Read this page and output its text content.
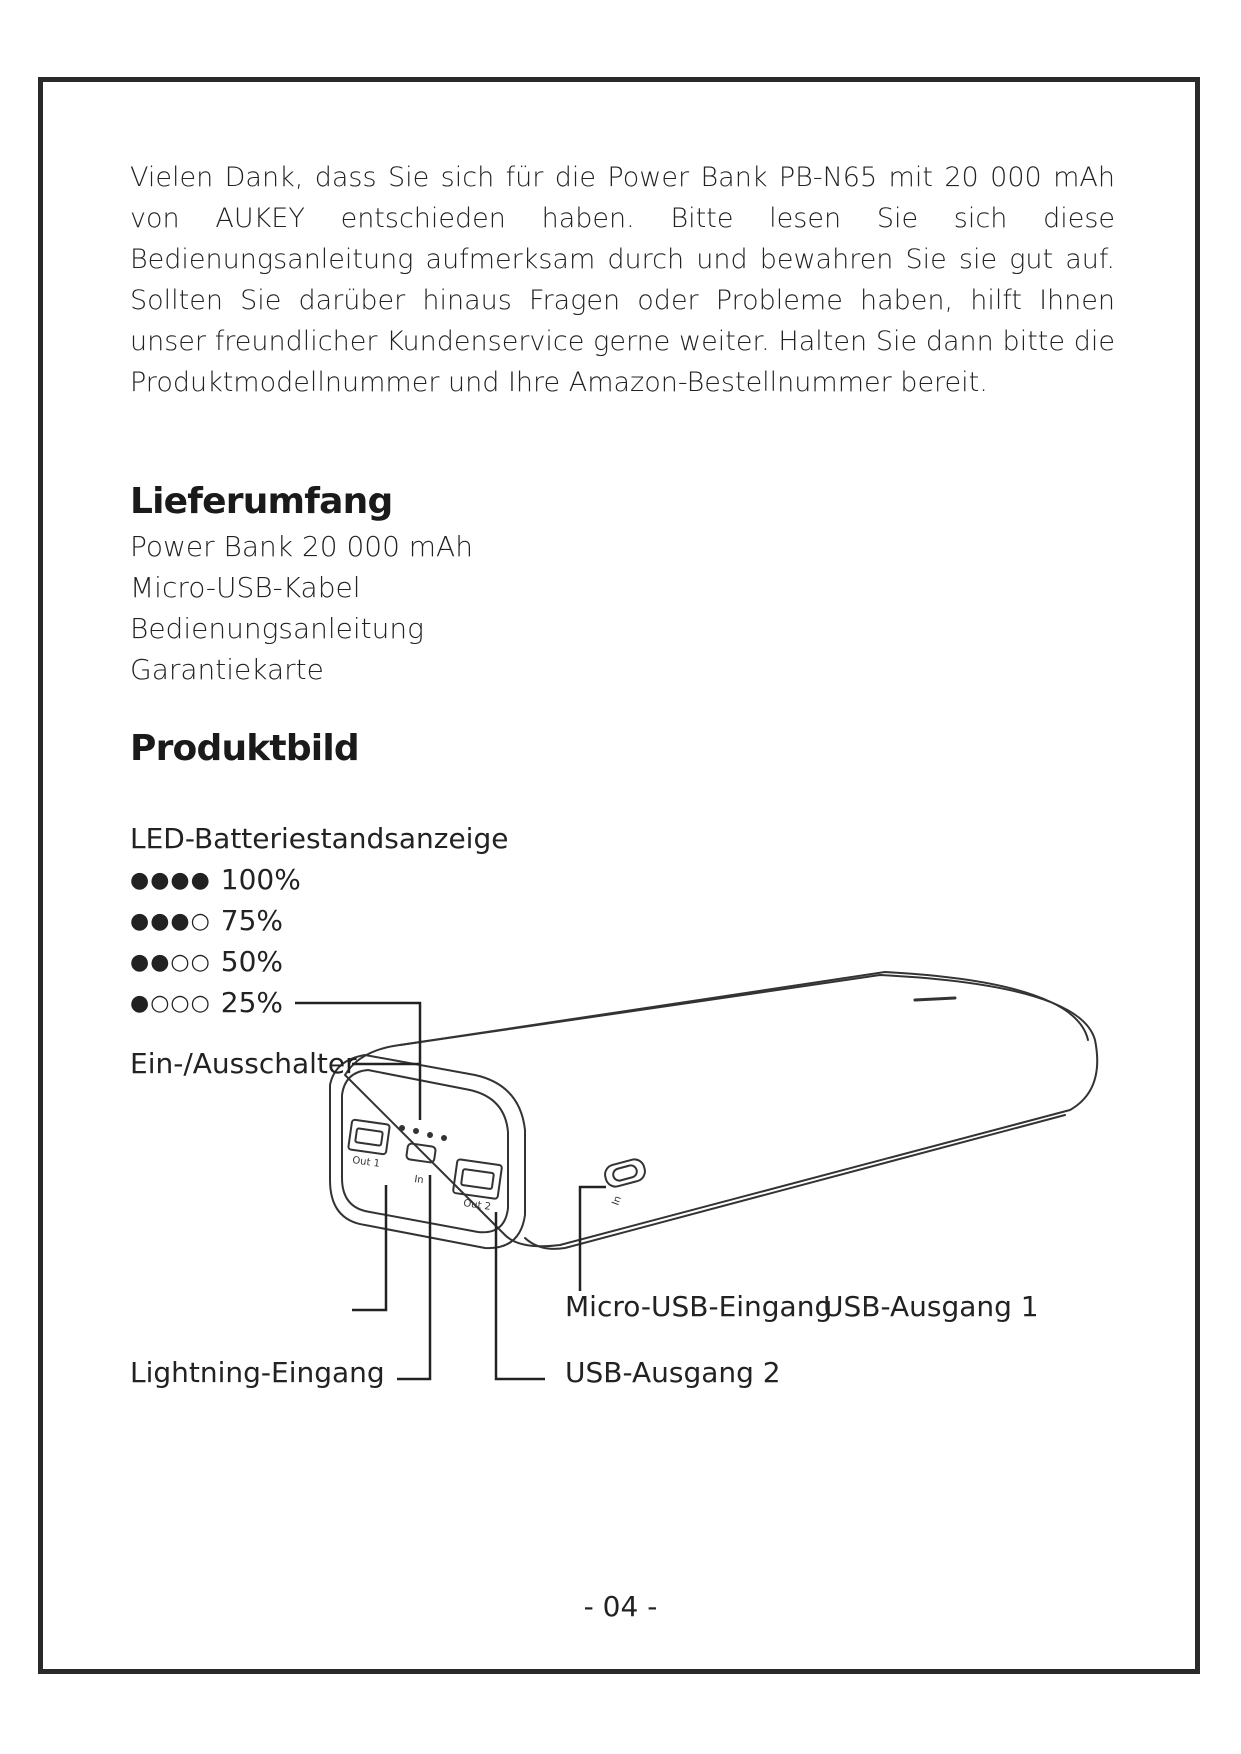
Vielen Dank, dass Sie sich für die Power Bank PB-N65 mit 20 000 mAh von AUKEY entschieden haben. Bitte lesen Sie sich diese Bedienungsanleitung aufmerksam durch und bewahren Sie sie gut auf. Sollten Sie darüber hinaus Fragen oder Probleme haben, hilft Ihnen unser freundlicher Kundenservice gerne weiter. Halten Sie dann bitte die Produktmodellnummer und Ihre Amazon-Bestellnummer bereit.

Lieferumfang
Power Bank 20 000 mAh
Micro-USB-Kabel
Bedienungsanleitung
Garantiekarte
Produktbild
Out 1
In
Out 2	In
LED-Batteriestandsanzeige
●●●● 100%
●●●○ 75%
●●○○ 50%
●○○○ 25%
Ein-/Ausschalter
Micro-USB-Eingang
USB-Ausgang 1
Lightning-Eingang	USB-Ausgang 2
- 04 -
